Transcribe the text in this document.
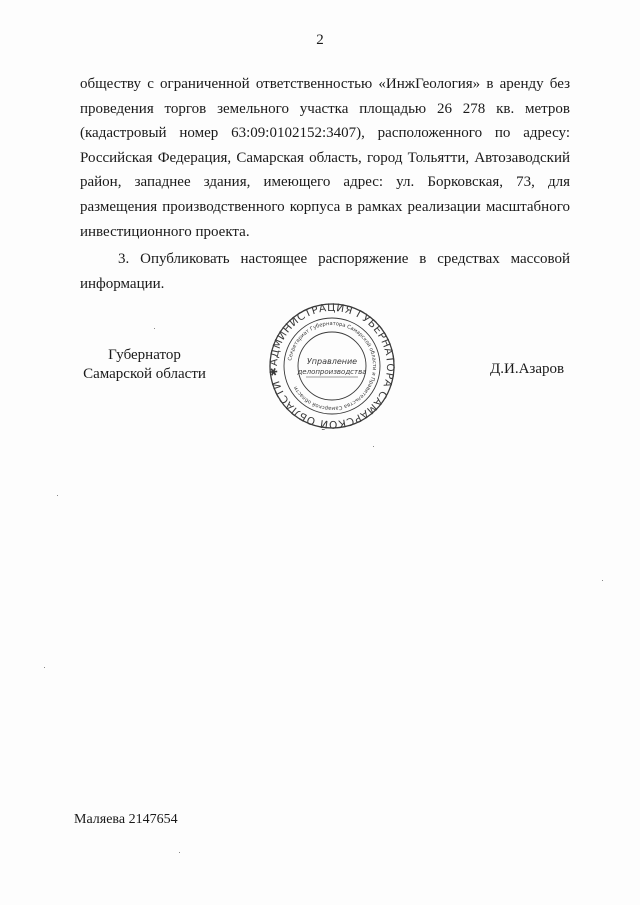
2

обществу с ограниченной ответственностью «ИнжГеология» в аренду без проведения торгов земельного участка площадью 26 278 кв. метров (кадастровый номер 63:09:0102152:3407), расположенного по адресу: Российская Федерация, Самарская область, город Тольятти, Автозаводский район, западнее здания, имеющего адрес: ул. Борковская, 73, для размещения производственного корпуса в рамках реализации масштабного инвестиционного проекта.

3. Опубликовать настоящее распоряжение в средствах массовой информации.

Губернатор
Самарской области
АДМИНИСТРАЦИЯ ГУБЕРНАТОРА САМАРСКОЙ ОБЛАСТИ ✱
Секретариат Губернатора Самарской области и Правительства Самарской области
Управление
делопроизводства	Д.И.Азаров
Маляева 2147654
